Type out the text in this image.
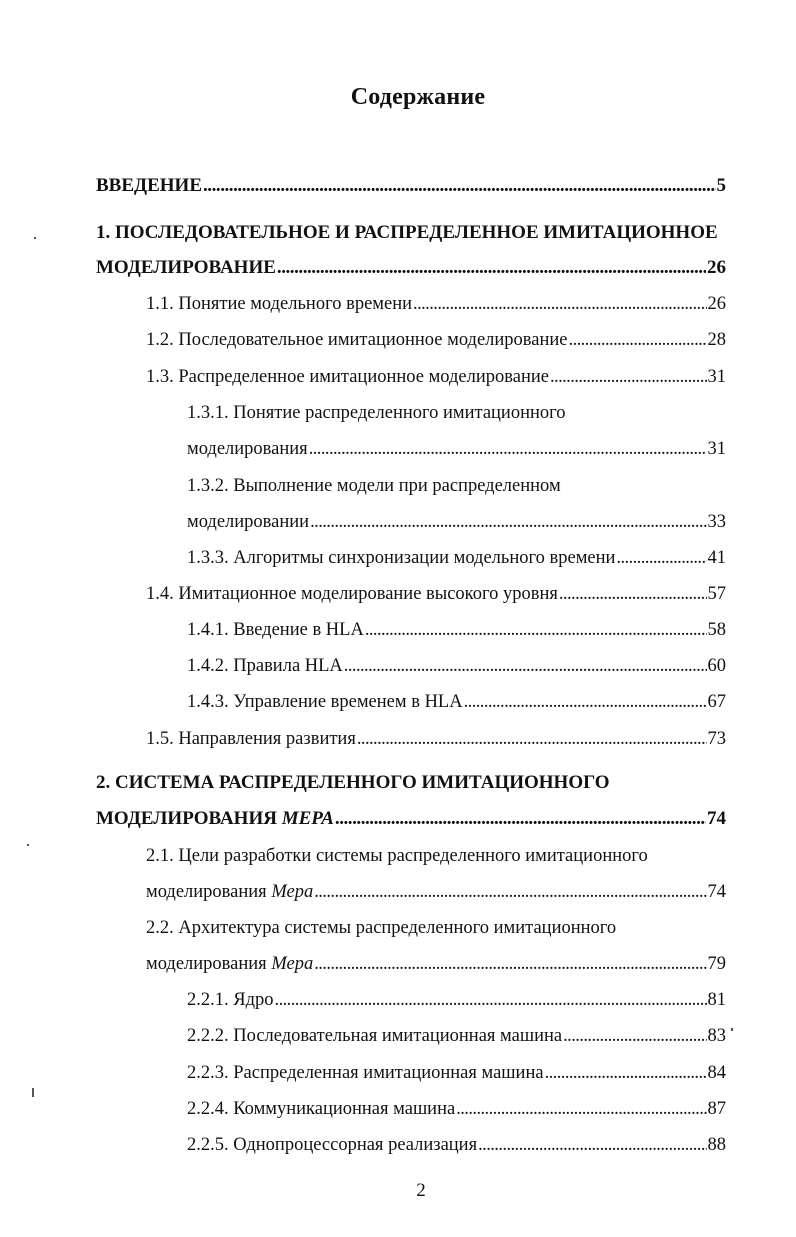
Содержание
ВВЕДЕНИЕ . . .	5
1. ПОСЛЕДОВАТЕЛЬНОЕ И РАСПРЕДЕЛЕННОЕ ИМИТАЦИОННОЕ
МОДЕЛИРОВАНИЕ . . .	26
1.1. Понятие модельного времени . . .	26
1.2. Последовательное имитационное моделирование . . .	28
1.3. Распределенное имитационное моделирование . . .	31
1.3.1. Понятие распределенного имитационного
моделирования . . .	31
1.3.2. Выполнение модели при распределенном
моделировании . . .	33
1.3.3. Алгоритмы синхронизации модельного времени . . .	41
1.4. Имитационное моделирование высокого уровня . . .	57
1.4.1. Введение в HLA . . .	58
1.4.2. Правила HLA . . .	60
1.4.3. Управление временем в HLA . . .	67
1.5. Направления развития . . .	73
2. СИСТЕМА РАСПРЕДЕЛЕННОГО ИМИТАЦИОННОГО
МОДЕЛИРОВАНИЯ МЕРА . . .	74
2.1. Цели разработки системы распределенного имитационного
моделирования Мера . . .	74
2.2. Архитектура системы распределенного имитационного
моделирования Мера . . .	79
2.2.1. Ядро . . .	81
2.2.2. Последовательная имитационная машина . . .	83
2.2.3. Распределенная имитационная машина . . .	84
2.2.4. Коммуникационная машина . . .	87
2.2.5. Однопроцессорная реализация . . .	88
2
